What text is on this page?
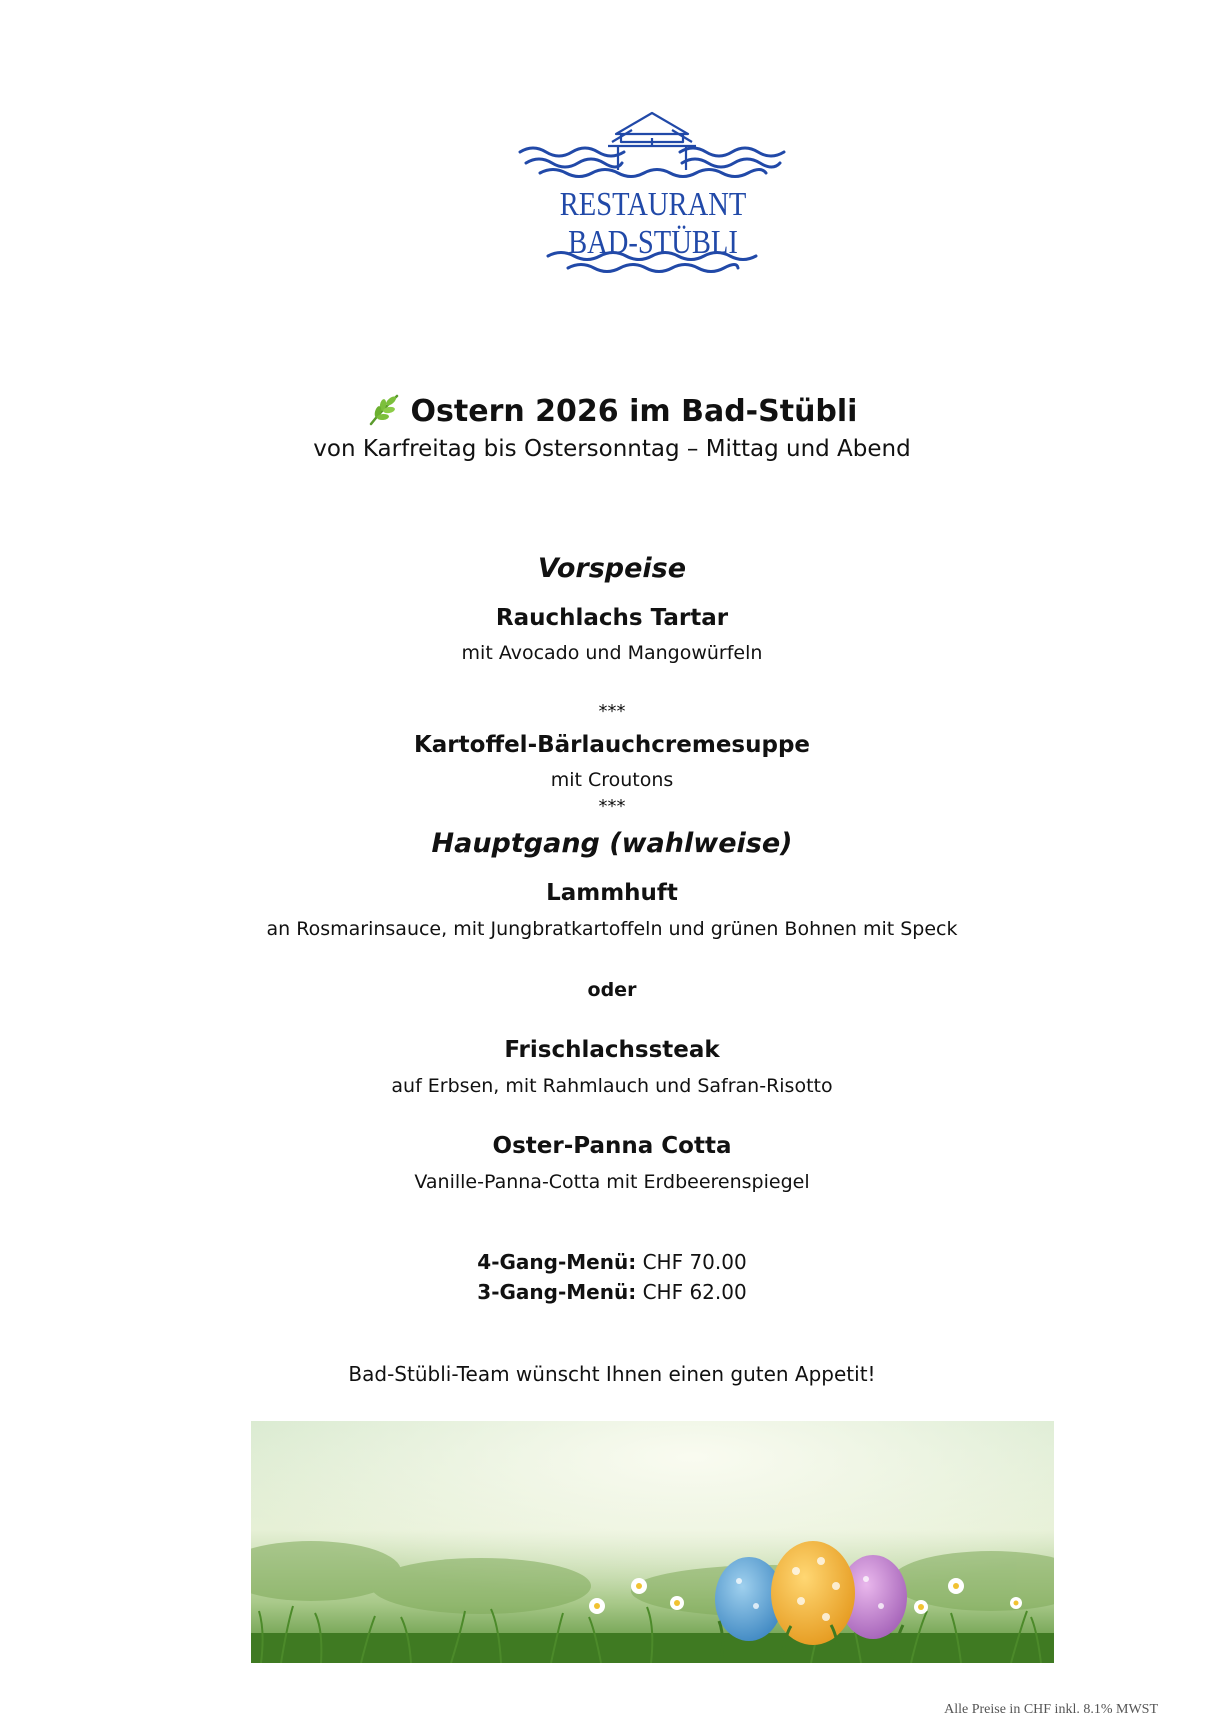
RESTAURANT
BAD-STÜBLI
Ostern 2026 im Bad-Stübli
von Karfreitag bis Ostersonntag – Mittag und Abend
Vorspeise
Rauchlachs Tartar
mit Avocado und Mangowürfeln
***
Kartoffel-Bärlauchcremesuppe
mit Croutons
***
Hauptgang (wahlweise)
Lammhuft
an Rosmarinsauce, mit Jungbratkartoffeln und grünen Bohnen mit Speck
oder
Frischlachssteak
auf Erbsen, mit Rahmlauch und Safran-Risotto
Oster-Panna Cotta
Vanille-Panna-Cotta mit Erdbeerenspiegel
4-Gang-Menü: CHF 70.00
3-Gang-Menü: CHF 62.00
Bad-Stübli-Team wünscht Ihnen einen guten Appetit!
Alle Preise in CHF inkl. 8.1% MWST
